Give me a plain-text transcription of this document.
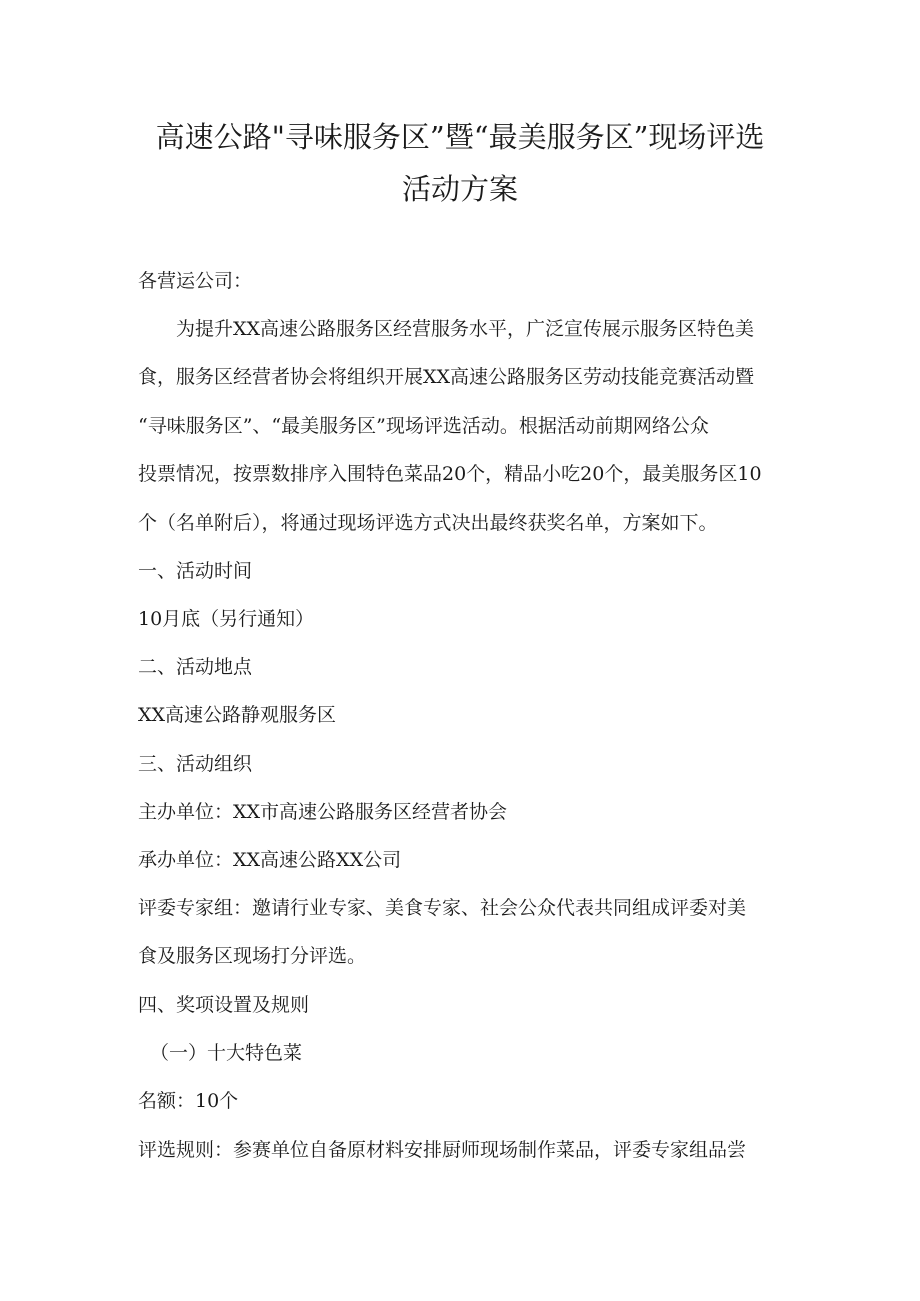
高速公路"寻味服务区”暨“最美服务区”现场评选
活动方案
各营运公司：
为提升XX高速公路服务区经营服务水平，广泛宣传展示服务区特色美
食，服务区经营者协会将组织开展XX高速公路服务区劳动技能竞赛活动暨
“寻味服务区”、“最美服务区”现场评选活动。根据活动前期网络公众
投票情况，按票数排序入围特色菜品20个，精品小吃20个，最美服务区10
个（名单附后），将通过现场评选方式决出最终获奖名单，方案如下。
一、活动时间
10月底（另行通知）
二、活动地点
XX高速公路静观服务区
三、活动组织
主办单位：XX市高速公路服务区经营者协会
承办单位：XX高速公路XX公司
评委专家组：邀请行业专家、美食专家、社会公众代表共同组成评委对美
食及服务区现场打分评选。
四、奖项设置及规则
（一）十大特色菜
名额：10个
评选规则：参赛单位自备原材料安排厨师现场制作菜品，评委专家组品尝
